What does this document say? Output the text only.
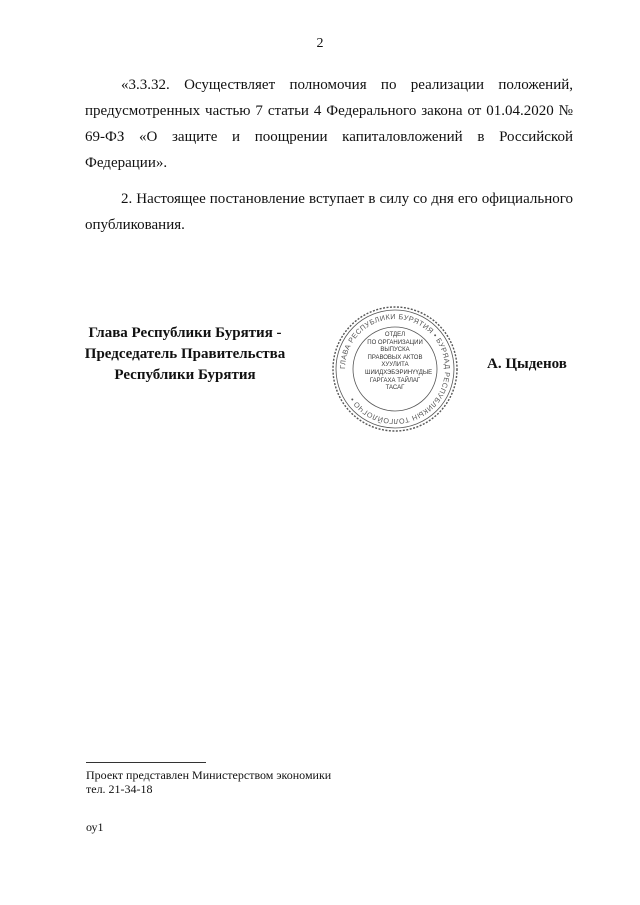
2

«3.3.32. Осуществляет полномочия по реализации положений, предусмотренных частью 7 статьи 4 Федерального закона от 01.04.2020 № 69-ФЗ «О защите и поощрении капиталовложений в Российской Федерации».

2. Настоящее постановление вступает в силу со дня его официального опубликования.

Глава Республики Бурятия -
Председатель Правительства
Республики Бурятия	ГЛАВА РЕСПУБЛИКИ БУРЯТИЯ • БУРЯАД РЕСПУБЛИКЫН ТОЛГОЙЛОГЧО •
ОТДЕЛ
ПО ОРГАНИЗАЦИИ
ВЫПУСКА
ПРАВОВЫХ АКТОВ
ХУУЛИТА
ШИИДХЭБЭРИНҮҮДЫЕ
ГАРГАХА ТАЙЛАГ
ТАСАГ
А. Цыденов
Проект представлен Министерством экономики
тел. 21-34-18
оу1
